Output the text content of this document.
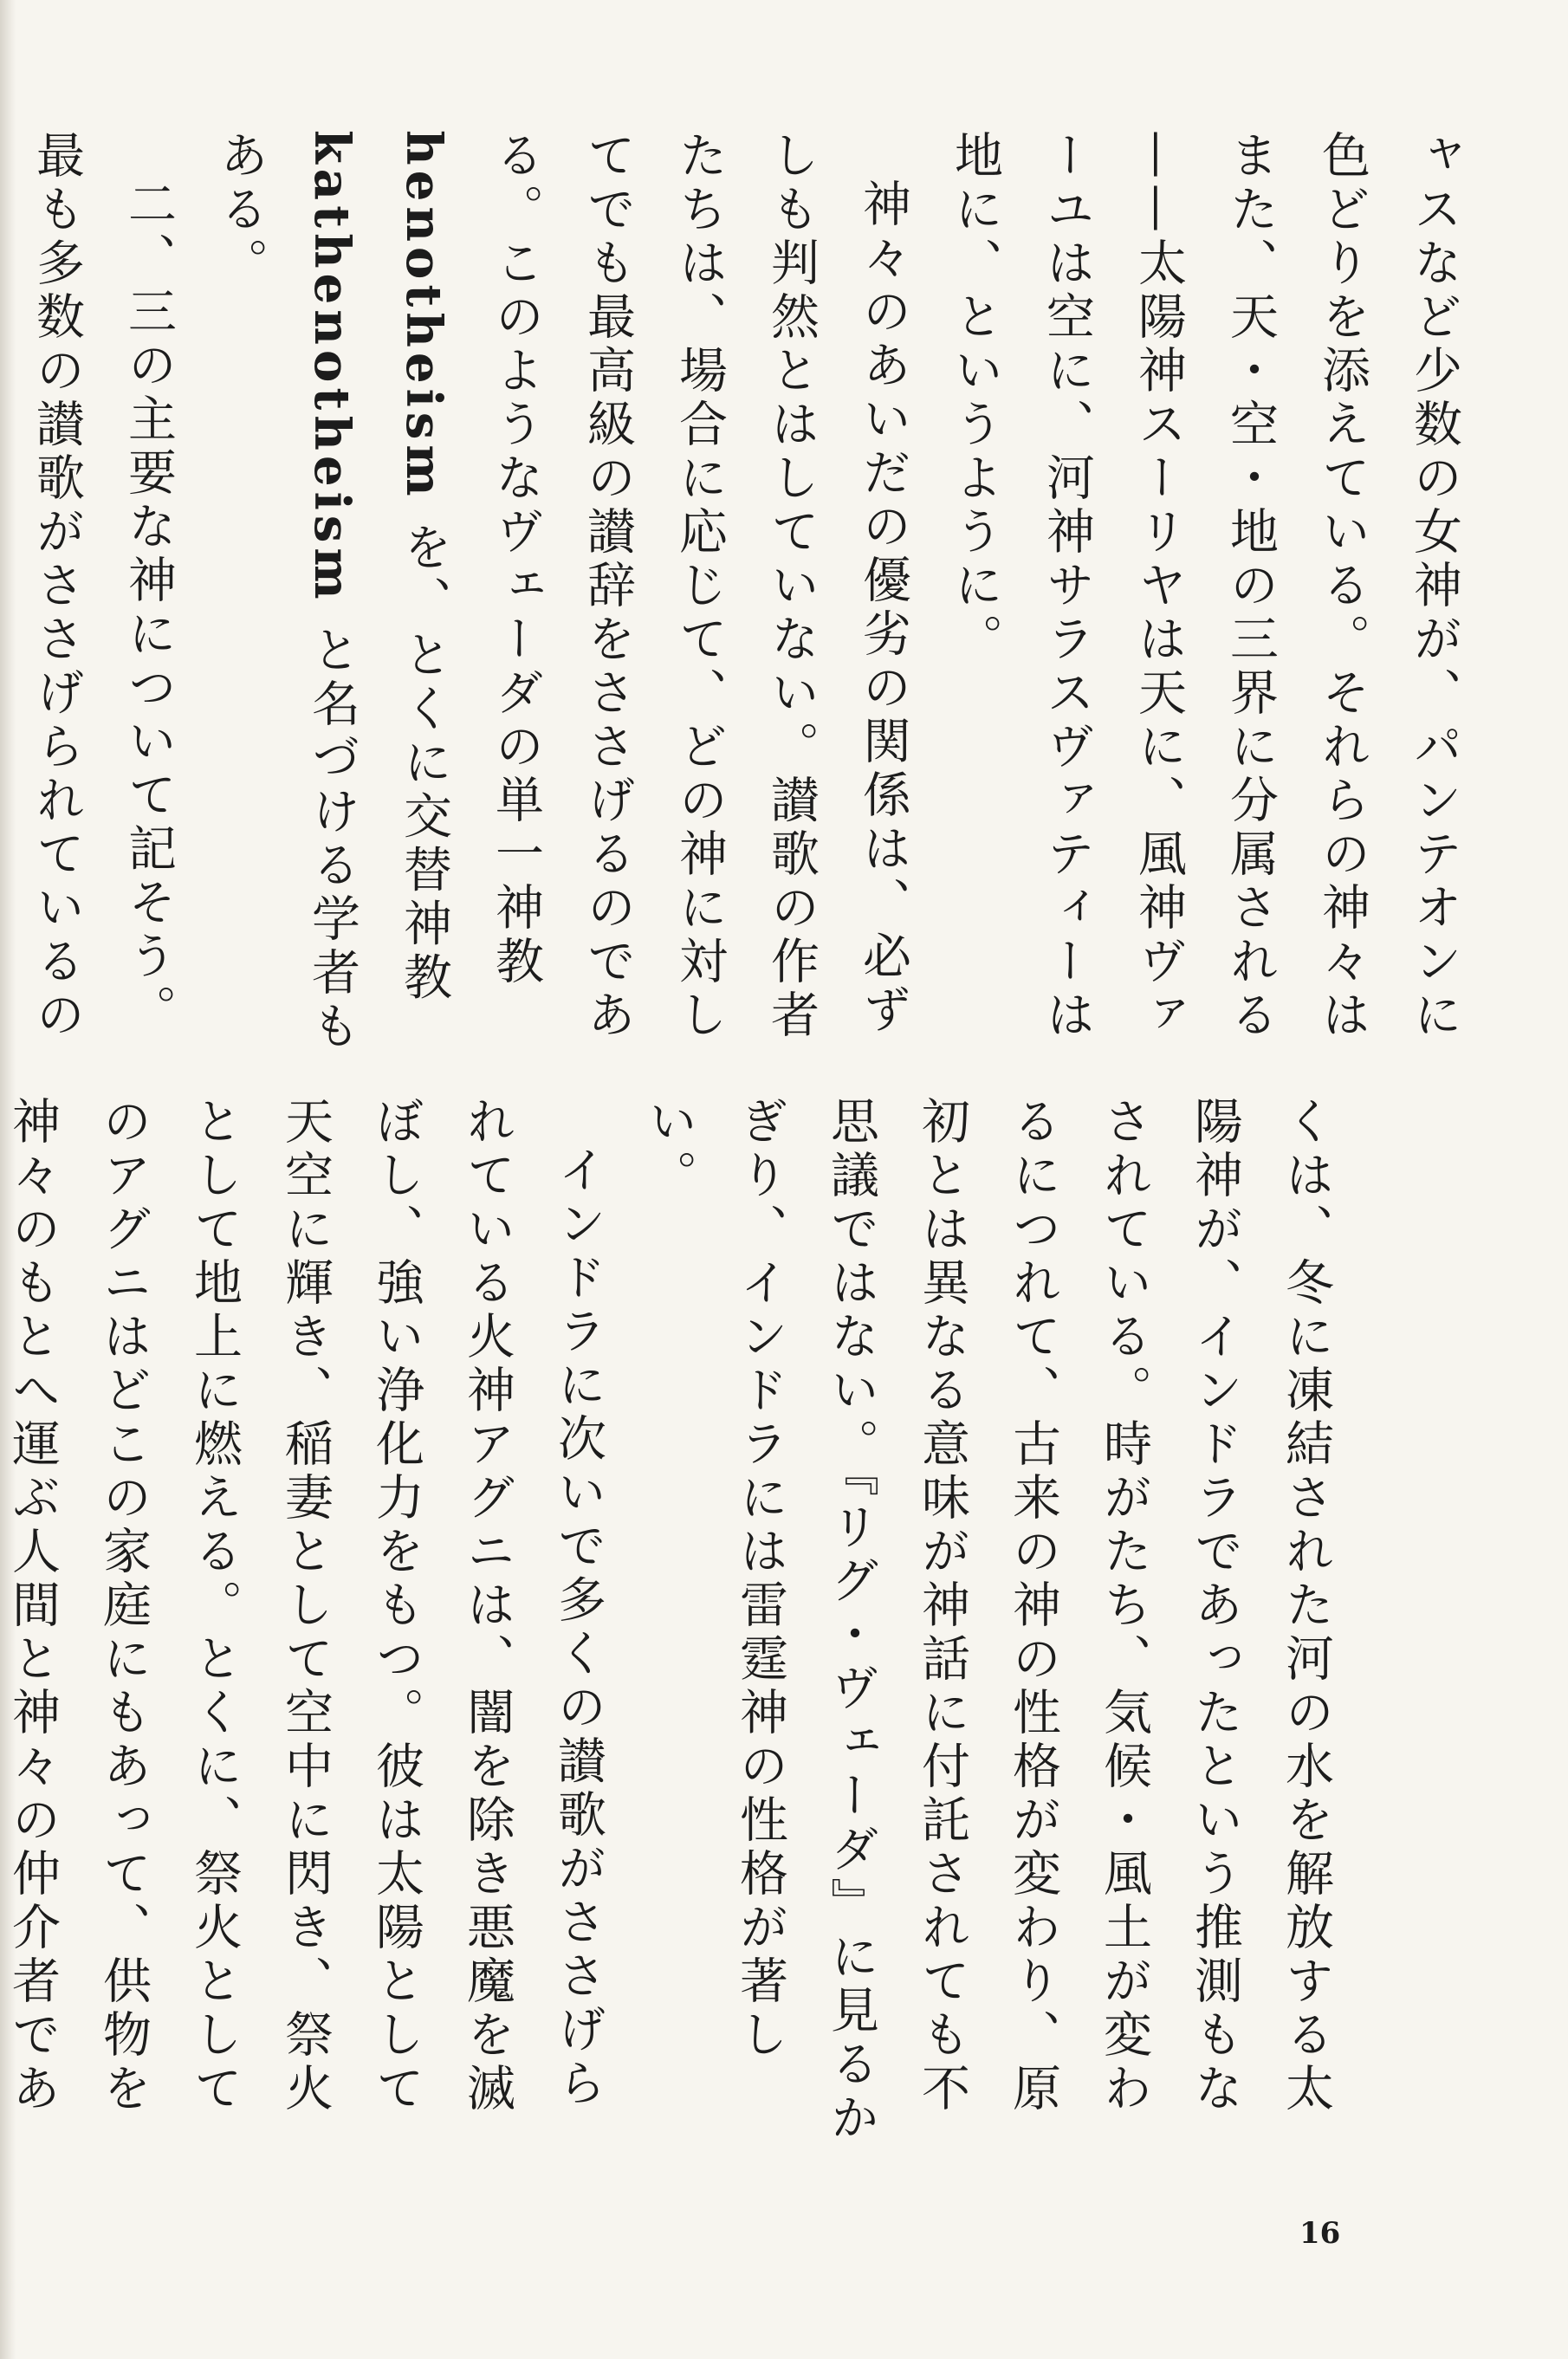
ャスなど少数の女神が、パンテオンに色どりを添えている。それらの神々はまた、天・空・地の三界に分属される——太陽神スーリヤは天に、風神ヴァーユは空に、河神サラスヴァティーは地に、というように。

神々のあいだの優劣の関係は、必ずしも判然とはしていない。讃歌の作者たちは、場合に応じて、どの神に対してでも最高級の讃辞をささげるのである。このようなヴェーダの単一神教 henotheism を、とくに交替神教kathenotheism と名づける学者もある。

二、三の主要な神について記そう。最も多数の讃歌がささげられているの

くは、冬に凍結された河の水を解放する太陽神が、インドラであったという推測もなされている。時がたち、気候・風土が変わるにつれて、古来の神の性格が変わり、原初とは異なる意味が神話に付託されても不思議ではない。『リグ・ヴェーダ』に見るかぎり、インドラには雷霆神の性格が著しい。

インドラに次いで多くの讃歌がささげられている火神アグニは、闇を除き悪魔を滅ぼし、強い浄化力をもつ。彼は太陽として天空に輝き、稲妻として空中に閃き、祭火として地上に燃える。とくに、祭火としてのアグニはどこの家庭にもあって、供物を神々のもとへ運ぶ人間と神々の仲介者であ

16
